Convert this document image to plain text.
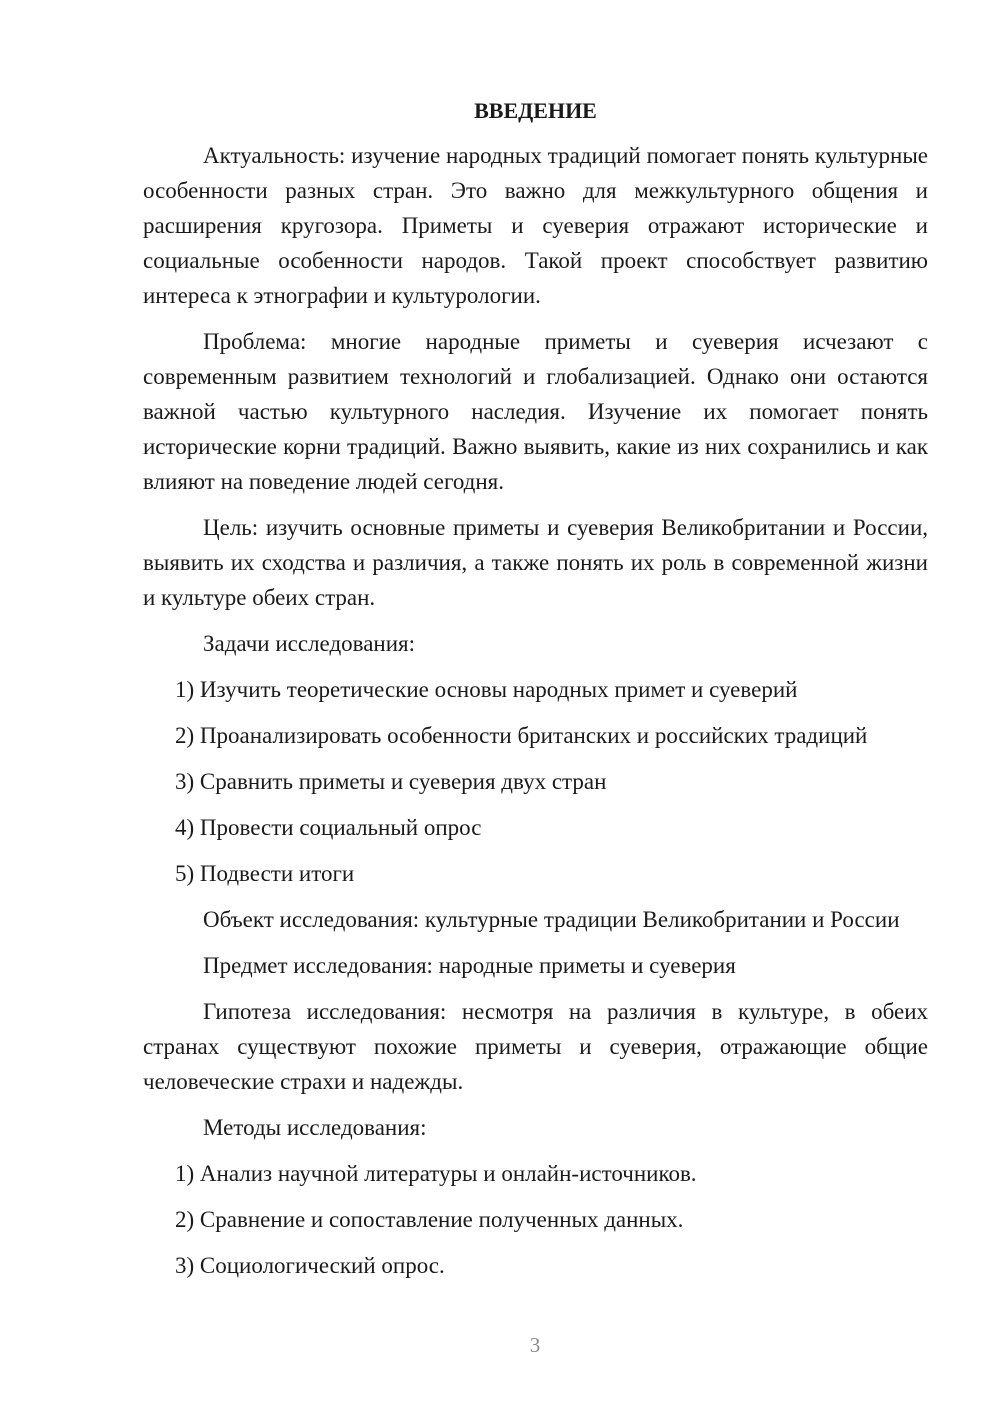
ВВЕДЕНИЕ

Актуальность: изучение народных традиций помогает понять культурные особенности разных стран. Это важно для межкультурного общения и расширения кругозора. Приметы и суеверия отражают исторические и социальные особенности народов. Такой проект способствует развитию интереса к этнографии и культурологии.

Проблема: многие народные приметы и суеверия исчезают с современным развитием технологий и глобализацией. Однако они остаются важной частью культурного наследия. Изучение их помогает понять исторические корни традиций. Важно выявить, какие из них сохранились и как влияют на поведение людей сегодня.

Цель: изучить основные приметы и суеверия Великобритании и России, выявить их сходства и различия, а также понять их роль в современной жизни и культуре обеих стран.

Задачи исследования:

1) Изучить теоретические основы народных примет и суеверий
2) Проанализировать особенности британских и российских традиций
3) Сравнить приметы и суеверия двух стран
4) Провести социальный опрос
5) Подвести итоги

Объект исследования: культурные традиции Великобритании и России

Предмет исследования: народные приметы и суеверия

Гипотеза исследования: несмотря на различия в культуре, в обеих странах существуют похожие приметы и суеверия, отражающие общие человеческие страхи и надежды.

Методы исследования:

1) Анализ научной литературы и онлайн-источников.
2) Сравнение и сопоставление полученных данных.
3) Социологический опрос.
3
